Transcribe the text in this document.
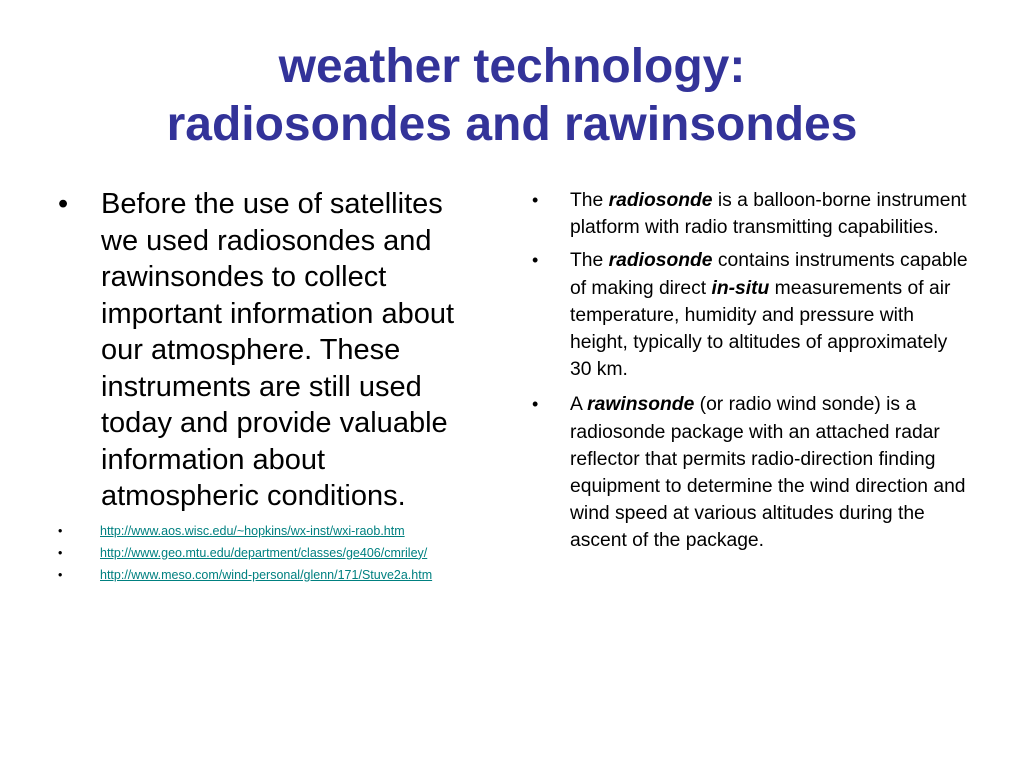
weather technology:
radiosondes and rawinsondes
• Before the use of satellites we used radiosondes and rawinsondes to collect important information about our atmosphere. These instruments are still used today and provide valuable information about atmospheric conditions.
•	http://www.aos.wisc.edu/~hopkins/wx-inst/wxi-raob.htm
•	http://www.geo.mtu.edu/department/classes/ge406/cmriley/
•	http://www.meso.com/wind-personal/glenn/171/Stuve2a.htm
• The radiosonde is a balloon-borne instrument platform with radio transmitting capabilities.
• The radiosonde contains instruments capable of making direct in-situ measurements of air temperature, humidity and pressure with height, typically to altitudes of approximately 30 km.
• A rawinsonde (or radio wind sonde) is a radiosonde package with an attached radar reflector that permits radio-direction finding equipment to determine the wind direction and wind speed at various altitudes during the ascent of the package.
